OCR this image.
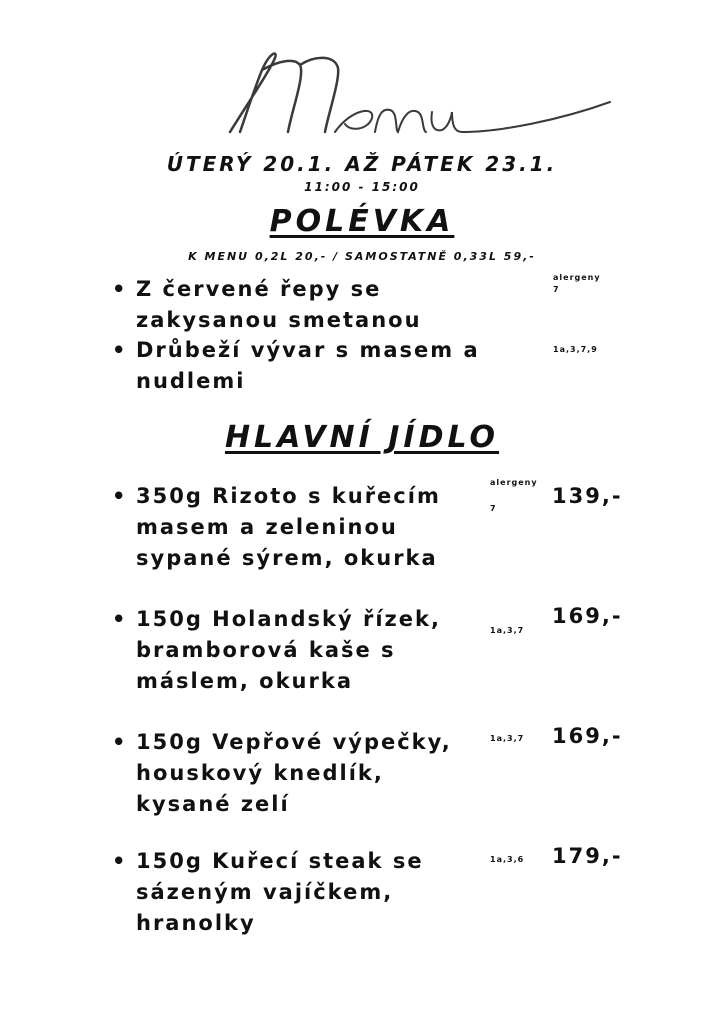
Menu
ÚTERÝ 20.1. AŽ PÁTEK 23.1.
11:00 - 15:00
POLÉVKA
K MENU 0,2L 20,- / SAMOSTATNĚ 0,33L 59,-
alergeny
• Z červené řepy se
zakysanou smetanou
7
• Drůbeží vývar s masem a
nudlemi
1a,3,7,9
HLAVNÍ JÍDLO
alergeny
• 350g Rizoto s kuřecím
masem a zeleninou
sypané sýrem, okurka
7
139,-
• 150g Holandský řízek,
bramborová kaše s
máslem, okurka
1a,3,7
169,-
• 150g Vepřové výpečky,
houskový knedlík,
kysané zelí
1a,3,7 169,-
• 150g Kuřecí steak se
sázeným vajíčkem,
hranolky
1a,3,6 179,-
